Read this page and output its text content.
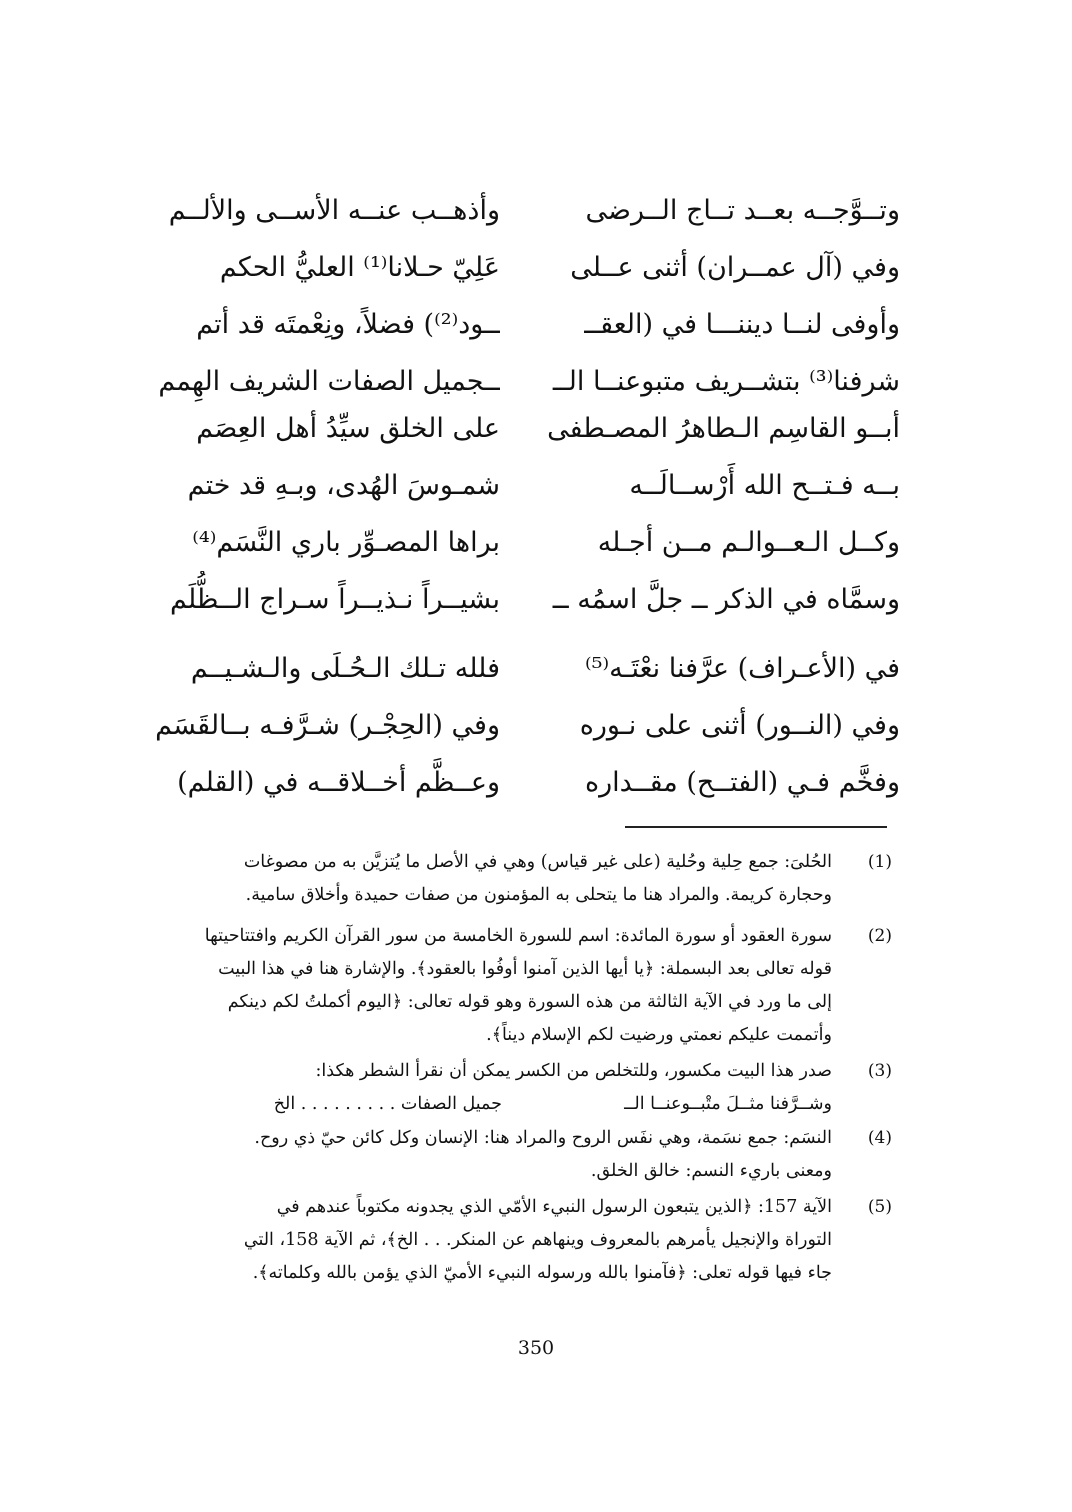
وتــوَّجــه بعــد تــاج الــرضى
وأذهــب عنــه الأســى والألــم
وفي (آل عمــران) أثنى عــلى
عَلِيّ حـلانا⁽¹⁾ العليُّ الحكم
وأوفى لنــا ديننـــا في (العقــ
ــود⁽²⁾) فضلاً، ونِعْمتَه قد أتم
شرفنا⁽³⁾ بتشــريف متبوعنــا الــ
ــجميل الصفات الشريف الهِمم
أبــو القاسِم الـطاهرُ المصـطفى
على الخلق سيِّدُ أهل العِصَم
بــه فـتــح الله أَرْســالَــه
شمـوسَ الهُدى، وبـهِ قد ختم
وكــل الـعــوالـم مــن أجـله
براها المصـوِّر باري النَّسَم⁽⁴⁾
وسمَّاه في الذكر ــ جلَّ اسمُه ــ
بشيــراً نـذيــراً سـراج الــظُّلَم
في (الأعـراف) عرَّفنا نعْتَـه⁽⁵⁾
فلله تـلك الـحُـلَى والـشـيــم
وفي (النــور) أثنى على نـوره
وفي (الحِجْـر) شـرَّفـه بــالقَسَم
وفخَّم فـي (الفتــح) مقــداره
وعــظَّم أخــلاقــه في (القلم)
(1)
الحُلىَ: جمع حِلية وحُلية (على غير قياس) وهي في الأصل ما يُتزيَّن به من مصوغات
وحجارة كريمة. والمراد هنا ما يتحلى به المؤمنون من صفات حميدة وأخلاق سامية.
(2)
سورة العقود أو سورة المائدة: اسم للسورة الخامسة من سور القرآن الكريم وافتتاحيتها
قوله تعالى بعد البسملة: ﴿يا أيها الذين آمنوا أوفُوا بالعقود﴾. والإشارة هنا في هذا البيت
إلى ما ورد في الآية الثالثة من هذه السورة وهو قوله تعالى: ﴿اليوم أكملتُ لكم دينكم
وأتممت عليكم نعمتي ورضيت لكم الإسلام ديناً﴾.
(3)
صدر هذا البيت مكسور، وللتخلص من الكسر يمكن أن نقرأ الشطر هكذا:
وشــرَّفنا مثــلَ متْبــوعنــا الــ
جميل الصفات . . . . . . . . . الخ
(4)
النسَم: جمع نسَمة، وهي نفَس الروح والمراد هنا: الإنسان وكل كائن حيّ ذي روح.
ومعنى باريء النسم: خالق الخلق.
(5)
الآية 157: ﴿الذين يتبعون الرسول النبيء الأمّي الذي يجدونه مكتوباً عندهم في
التوراة والإنجيل يأمرهم بالمعروف وينهاهم عن المنكر. . . الخ﴾، ثم الآية 158، التي
جاء فيها قوله تعلى: ﴿فآمنوا بالله ورسوله النبيء الأميّ الذي يؤمن بالله وكلماته﴾.
350
